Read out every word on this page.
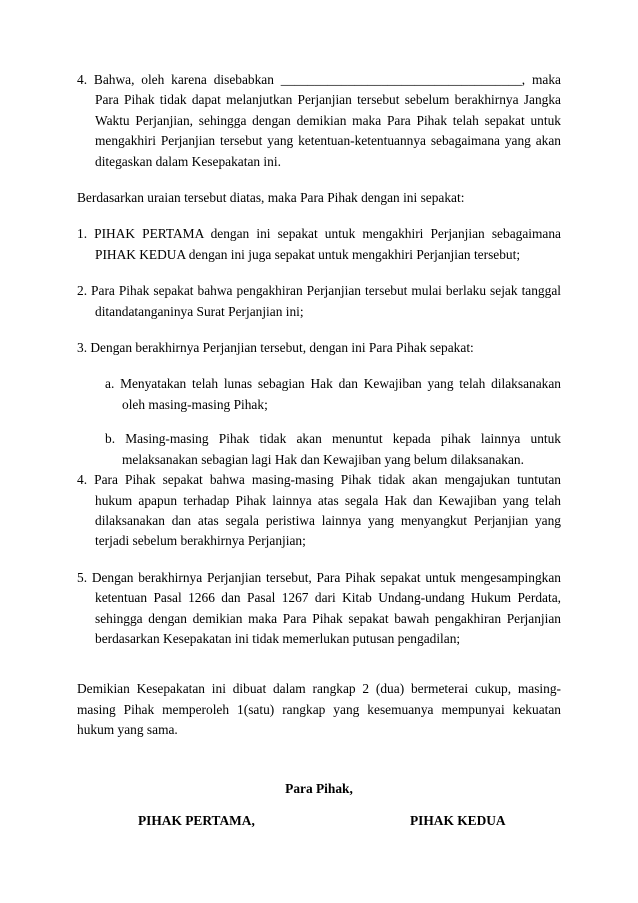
4. Bahwa, oleh karena disebabkan ____________________________________, maka Para Pihak tidak dapat melanjutkan Perjanjian tersebut sebelum berakhirnya Jangka Waktu Perjanjian, sehingga dengan demikian maka Para Pihak telah sepakat untuk mengakhiri Perjanjian tersebut yang ketentuan-ketentuannya sebagaimana yang akan ditegaskan dalam Kesepakatan ini.

Berdasarkan uraian tersebut diatas, maka Para Pihak dengan ini sepakat:

1. PIHAK PERTAMA dengan ini sepakat untuk mengakhiri Perjanjian sebagaimana PIHAK KEDUA dengan ini juga sepakat untuk mengakhiri Perjanjian tersebut;

2. Para Pihak sepakat bahwa pengakhiran Perjanjian tersebut mulai berlaku sejak tanggal ditandatanganinya Surat Perjanjian ini;

3. Dengan berakhirnya Perjanjian tersebut, dengan ini Para Pihak sepakat:

a. Menyatakan telah lunas sebagian Hak dan Kewajiban yang telah dilaksanakan oleh masing-masing Pihak;

b. Masing-masing Pihak tidak akan menuntut kepada pihak lainnya untuk melaksanakan sebagian lagi Hak dan Kewajiban yang belum dilaksanakan.

4. Para Pihak sepakat bahwa masing-masing Pihak tidak akan mengajukan tuntutan hukum apapun terhadap Pihak lainnya atas segala Hak dan Kewajiban yang telah dilaksanakan dan atas segala peristiwa lainnya yang menyangkut Perjanjian yang terjadi sebelum berakhirnya Perjanjian;

5. Dengan berakhirnya Perjanjian tersebut, Para Pihak sepakat untuk mengesampingkan ketentuan Pasal 1266 dan Pasal 1267 dari Kitab Undang-undang Hukum Perdata, sehingga dengan demikian maka Para Pihak sepakat bawah pengakhiran Perjanjian berdasarkan Kesepakatan ini tidak memerlukan putusan pengadilan;

Demikian Kesepakatan ini dibuat dalam rangkap 2 (dua) bermeterai cukup, masing-masing Pihak memperoleh 1(satu) rangkap yang kesemuanya mempunyai kekuatan hukum yang sama.

Para Pihak,

PIHAK PERTAMA,	PIHAK KEDUA
